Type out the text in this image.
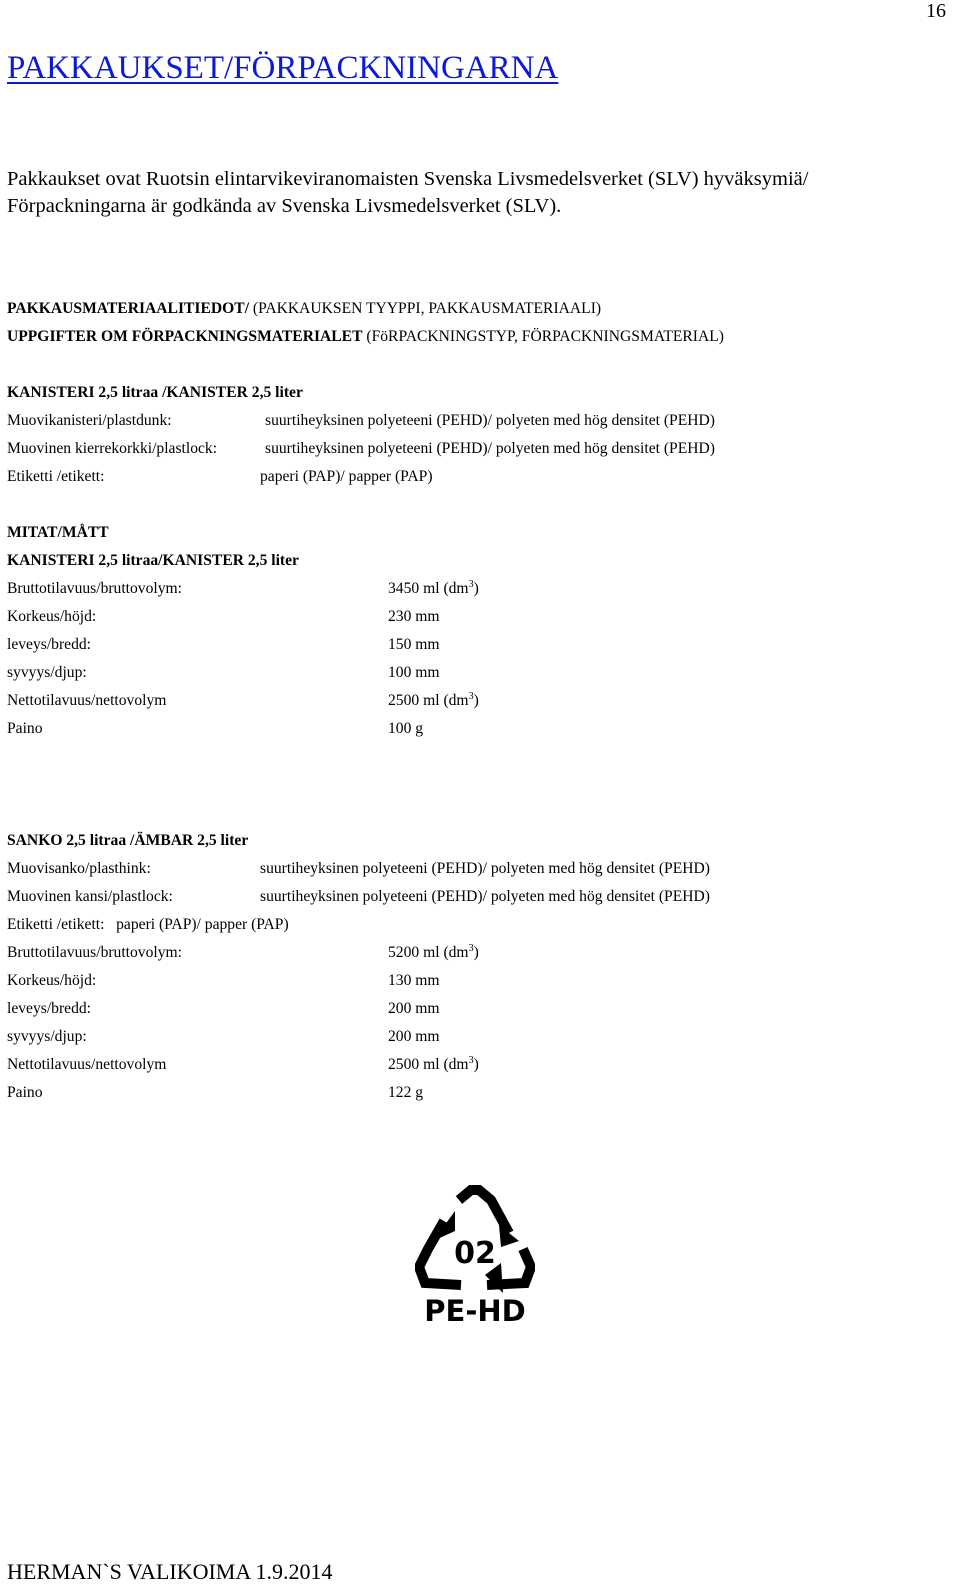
16
PAKKAUKSET/FÖRPACKNINGARNA
Pakkaukset ovat Ruotsin elintarvikeviranomaisten Svenska Livsmedelsverket (SLV) hyväksymiä/
Förpackningarna är godkända av Svenska Livsmedelsverket (SLV).
PAKKAUSMATERIAALITIEDOT/ (PAKKAUKSEN TYYPPI, PAKKAUSMATERIAALI)
UPPGIFTER OM FÖRPACKNINGSMATERIALET (FöRPACKNINGSTYP, FÖRPACKNINGSMATERIAL)
KANISTERI 2,5 litraa /KANISTER 2,5 liter
Muovikanisteri/plastdunk:	suurtiheyksinen polyeteeni (PEHD)/ polyeten med hög densitet (PEHD)
Muovinen kierrekorkki/plastlock:	suurtiheyksinen polyeteeni (PEHD)/ polyeten med hög densitet (PEHD)
Etiketti /etikett:	paperi (PAP)/ papper (PAP)
MITAT/MÅTT
KANISTERI 2,5 litraa/KANISTER 2,5 liter
Bruttotilavuus/bruttovolym:	3450 ml $(dm^3)$
Korkeus/höjd:	230 mm
leveys/bredd:	150 mm
syvyys/djup:	100 mm
Nettotilavuus/nettovolym	2500 ml $(dm^3)$
Paino	100 g
SANKO 2,5 litraa /ÄMBAR 2,5 liter
Muovisanko/plasthink:	suurtiheyksinen polyeteeni (PEHD)/ polyeten med hög densitet (PEHD)
Muovinen kansi/plastlock:	suurtiheyksinen polyeteeni (PEHD)/ polyeten med hög densitet (PEHD)
Etiketti /etikett:   paperi (PAP)/ papper (PAP)
Bruttotilavuus/bruttovolym:	5200 ml $(dm^3)$
Korkeus/höjd:	130 mm
leveys/bredd:	200 mm
syvyys/djup:	200 mm
Nettotilavuus/nettovolym	2500 ml $(dm^3)$
Paino	122 g
02
PE-HD
HERMAN`S VALIKOIMA 1.9.2014
